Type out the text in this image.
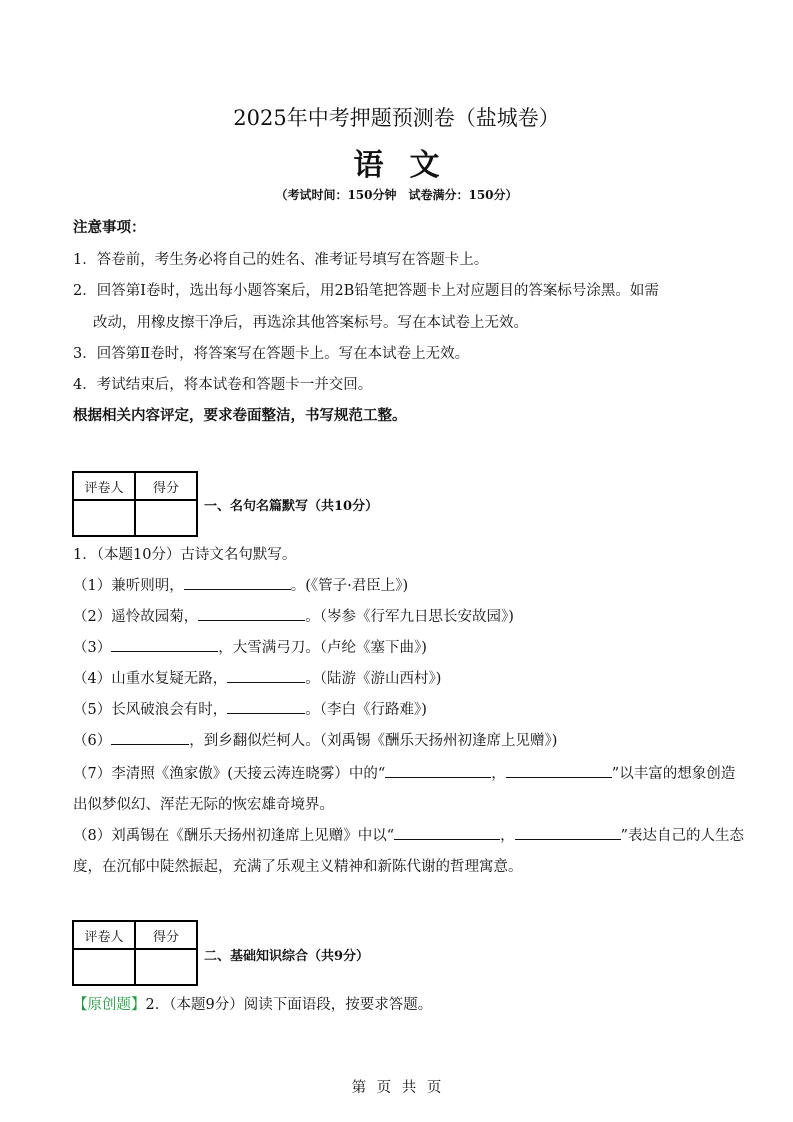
2025年中考押题预测卷（盐城卷）
语文
（考试时间：150分钟　试卷满分：150分）
注意事项：
1．答卷前，考生务必将自己的姓名、准考证号填写在答题卡上。
2．回答第Ⅰ卷时，选出每小题答案后，用2B铅笔把答题卡上对应题目的答案标号涂黑。如需
改动，用橡皮擦干净后，再选涂其他答案标号。写在本试卷上无效。
3．回答第Ⅱ卷时，将答案写在答题卡上。写在本试卷上无效。
4．考试结束后，将本试卷和答题卡一并交回。
根据相关内容评定，要求卷面整洁，书写规范工整。
评卷人	得分

一、名句名篇默写（共10分）
1．（本题10分）古诗文名句默写。
（1）兼听则明，	。(《管子·君臣上》)
（2）遥怜故园菊，	。（岑参《行军九日思长安故园》)
（3）	，大雪满弓刀。（卢纶《塞下曲》)
（4）山重水复疑无路，	。（陆游《游山西村》)
（5）长风破浪会有时，	。（李白《行路难》)
（6）	，到乡翻似烂柯人。（刘禹锡《酬乐天扬州初逢席上见赠》)
（7）李清照《渔家傲》(天接云涛连晓雾）中的“	，	”以丰富的想象创造
出似梦似幻、浑茫无际的恢宏雄奇境界。
（8）刘禹锡在《酬乐天扬州初逢席上见赠》中以“	，	”表达自己的人生态
度，在沉郁中陡然振起，充满了乐观主义精神和新陈代谢的哲理寓意。
评卷人	得分

二、基础知识综合（共9分）
【原创题】2．（本题9分）阅读下面语段，按要求答题。
第 页 共 页
